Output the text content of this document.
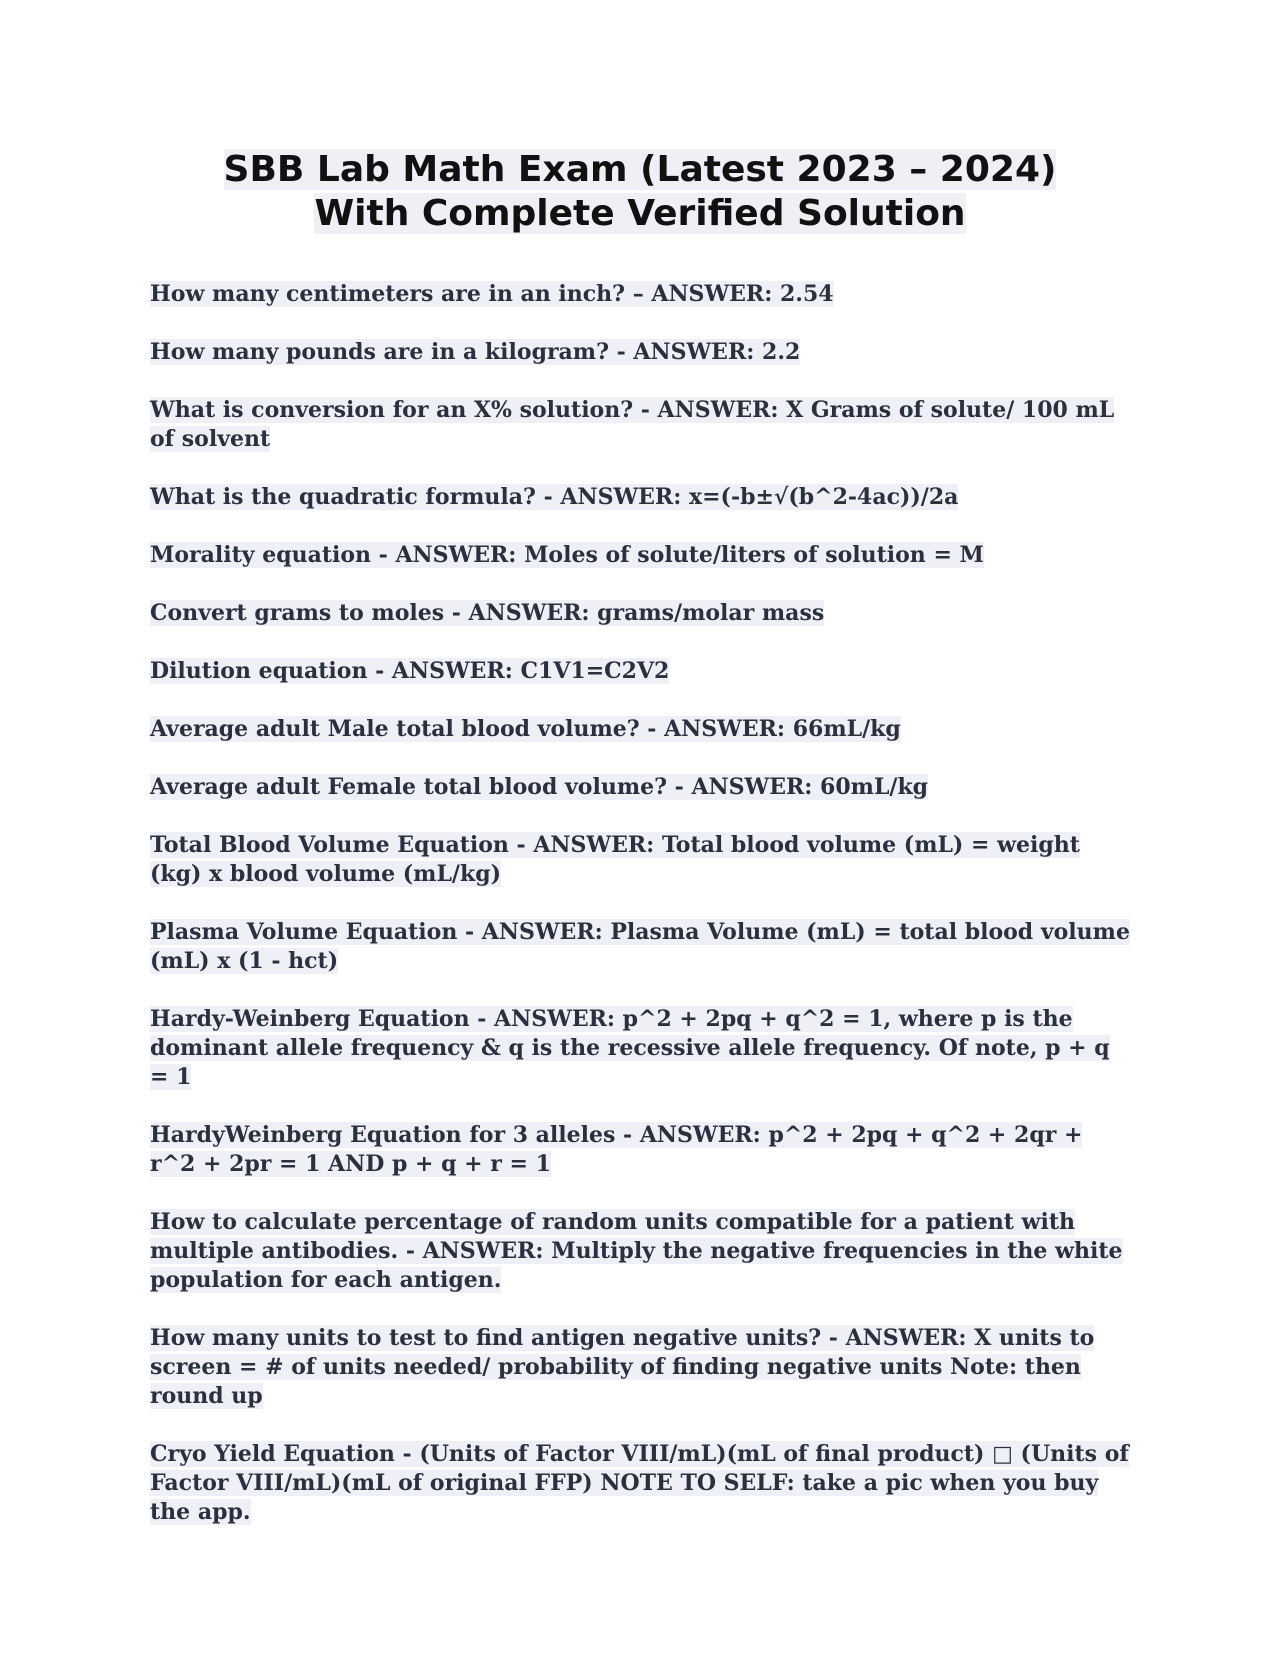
SBB Lab Math Exam (Latest 2023 – 2024)
With Complete Verified Solution

How many centimeters are in an inch? – ANSWER: 2.54

How many pounds are in a kilogram? - ANSWER: 2.2

What is conversion for an X% solution? - ANSWER: X Grams of solute/ 100 mL of solvent

What is the quadratic formula? - ANSWER: x=(-b±√(b^2-4ac))/2a

Morality equation - ANSWER: Moles of solute/liters of solution = M

Convert grams to moles - ANSWER: grams/molar mass

Dilution equation - ANSWER: C1V1=C2V2

Average adult Male total blood volume? - ANSWER: 66mL/kg

Average adult Female total blood volume? - ANSWER: 60mL/kg

Total Blood Volume Equation - ANSWER: Total blood volume (mL) = weight (kg) x blood volume (mL/kg)

Plasma Volume Equation - ANSWER: Plasma Volume (mL) = total blood volume (mL) x (1 - hct)

Hardy-Weinberg Equation - ANSWER: p^2 + 2pq + q^2 = 1, where p is the dominant allele frequency & q is the recessive allele frequency. Of note, p + q = 1

HardyWeinberg Equation for 3 alleles - ANSWER: p^2 + 2pq + q^2 + 2qr + r^2 + 2pr = 1 AND p + q + r = 1

How to calculate percentage of random units compatible for a patient with multiple antibodies. - ANSWER: Multiply the negative frequencies in the white population for each antigen.

How many units to test to find antigen negative units? - ANSWER: X units to screen = # of units needed/ probability of finding negative units Note: then round up

Cryo Yield Equation - (Units of Factor VIII/mL)(mL of final product) □ (Units of Factor VIII/mL)(mL of original FFP) NOTE TO SELF: take a pic when you buy the app.
